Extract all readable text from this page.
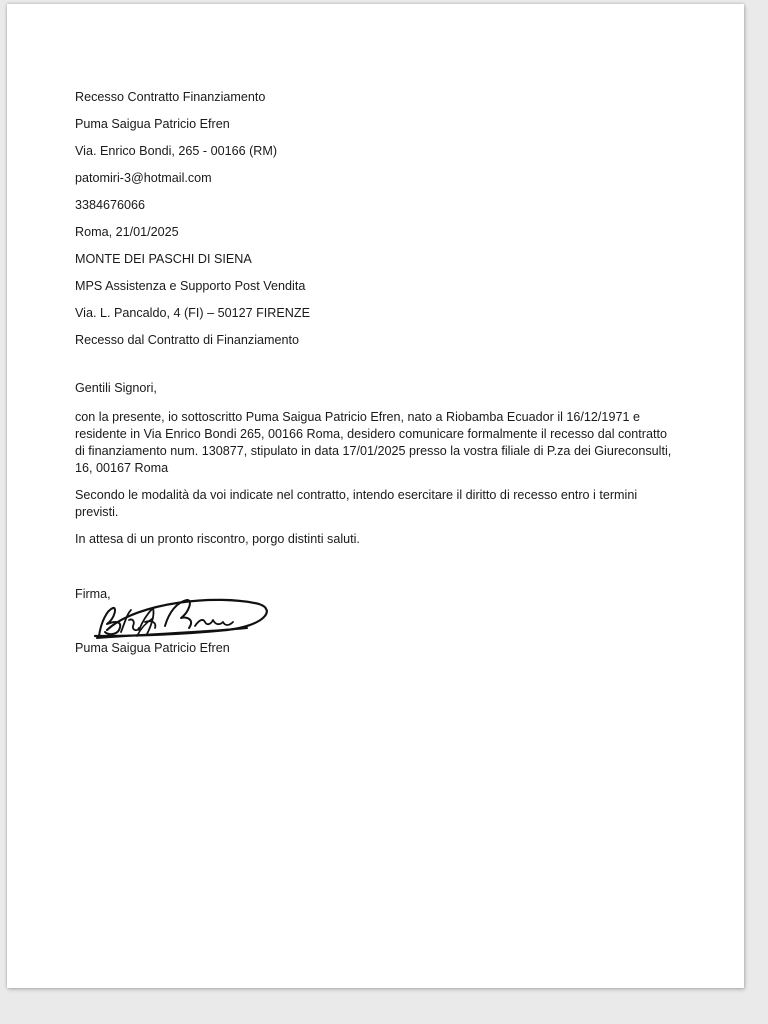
Recesso Contratto Finanziamento
Puma Saigua Patricio Efren
Via. Enrico Bondi, 265 - 00166 (RM)
patomiri-3@hotmail.com
3384676066
Roma, 21/01/2025
MONTE DEI PASCHI DI SIENA
MPS Assistenza e Supporto Post Vendita
Via. L. Pancaldo, 4 (FI) – 50127 FIRENZE
Recesso dal Contratto di Finanziamento
Gentili Signori,
con la presente, io sottoscritto Puma Saigua Patricio Efren, nato a Riobamba Ecuador il 16/12/1971 e residente in Via Enrico Bondi 265, 00166 Roma, desidero comunicare formalmente il recesso dal contratto di finanziamento num. 130877, stipulato in data 17/01/2025 presso la vostra filiale di P.za dei Giureconsulti, 16, 00167 Roma
Secondo le modalità da voi indicate nel contratto, intendo esercitare il diritto di recesso entro i termini previsti.
In attesa di un pronto riscontro, porgo distinti saluti.
Firma,
Puma Saigua Patricio Efren
